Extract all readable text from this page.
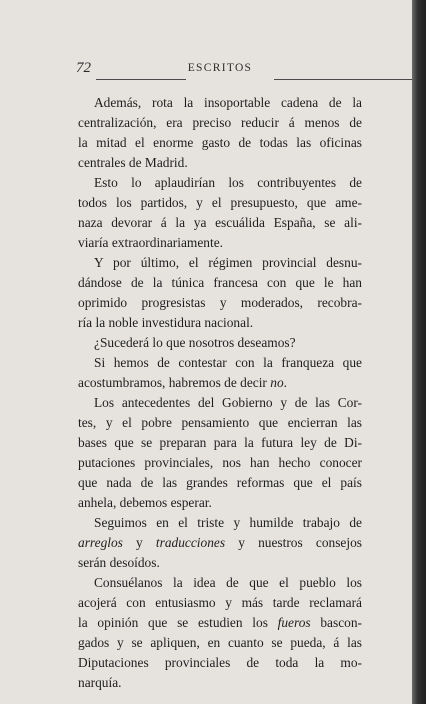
72	ESCRITOS
Además, rota la insoportable cadena de la
centralización, era preciso reducir á menos de
la mitad el enorme gasto de todas las oficinas
centrales de Madrid.
Esto lo aplaudirían los contribuyentes de
todos los partidos, y el presupuesto, que ame-
naza devorar á la ya escuálida España, se ali-
viaría extraordinariamente.
Y por último, el régimen provincial desnu-
dándose de la túnica francesa con que le han
oprimido progresistas y moderados, recobra-
ría la noble investidura nacional.
¿Sucederá lo que nosotros deseamos?
Si hemos de contestar con la franqueza que
acostumbramos, habremos de decir no.
Los antecedentes del Gobierno y de las Cor-
tes, y el pobre pensamiento que encierran las
bases que se preparan para la futura ley de Di-
putaciones provinciales, nos han hecho conocer
que nada de las grandes reformas que el país
anhela, debemos esperar.
Seguimos en el triste y humilde trabajo de
arreglos y traducciones y nuestros consejos
serán desoídos.
Consuélanos la idea de que el pueblo los
acojerá con entusiasmo y más tarde reclamará
la opinión que se estudien los fueros bascon-
gados y se apliquen, en cuanto se pueda, á las
Diputaciones provinciales de toda la mo-
narquía.
